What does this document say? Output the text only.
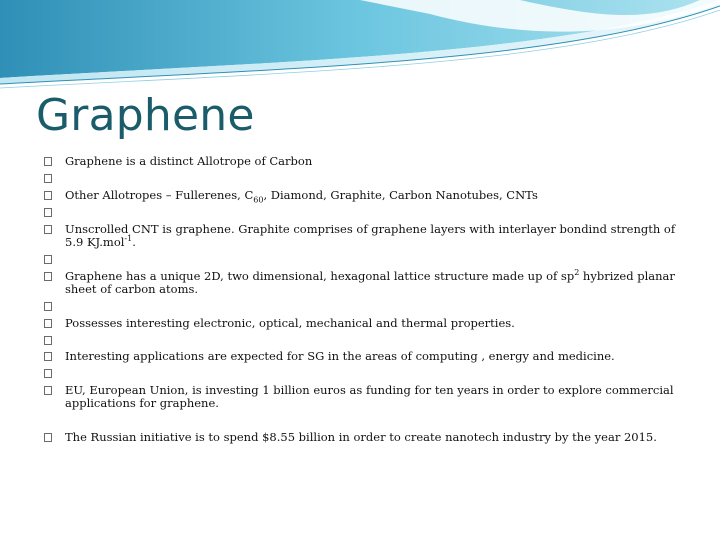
Graphene
Graphene is a distinct Allotrope of Carbon
Other Allotropes – Fullerenes, $C_{60}$, Diamond, Graphite, Carbon Nanotubes, CNTs
Unscrolled CNT is graphene. Graphite comprises of graphene layers with interlayer bondind strength of 5.9 KJ.mol$^{-1}$.
Graphene has a unique 2D, two dimensional, hexagonal lattice structure made up of $sp^2$ hybrized planar sheet of carbon atoms.
Possesses interesting electronic, optical, mechanical and thermal properties.
Interesting applications are expected for SG in the areas of computing , energy and medicine.
EU, European Union, is investing 1 billion euros as funding for ten years in order to explore commercial applications for graphene.
The Russian initiative is to spend $8.55 billion in order to create nanotech industry by the year 2015.
